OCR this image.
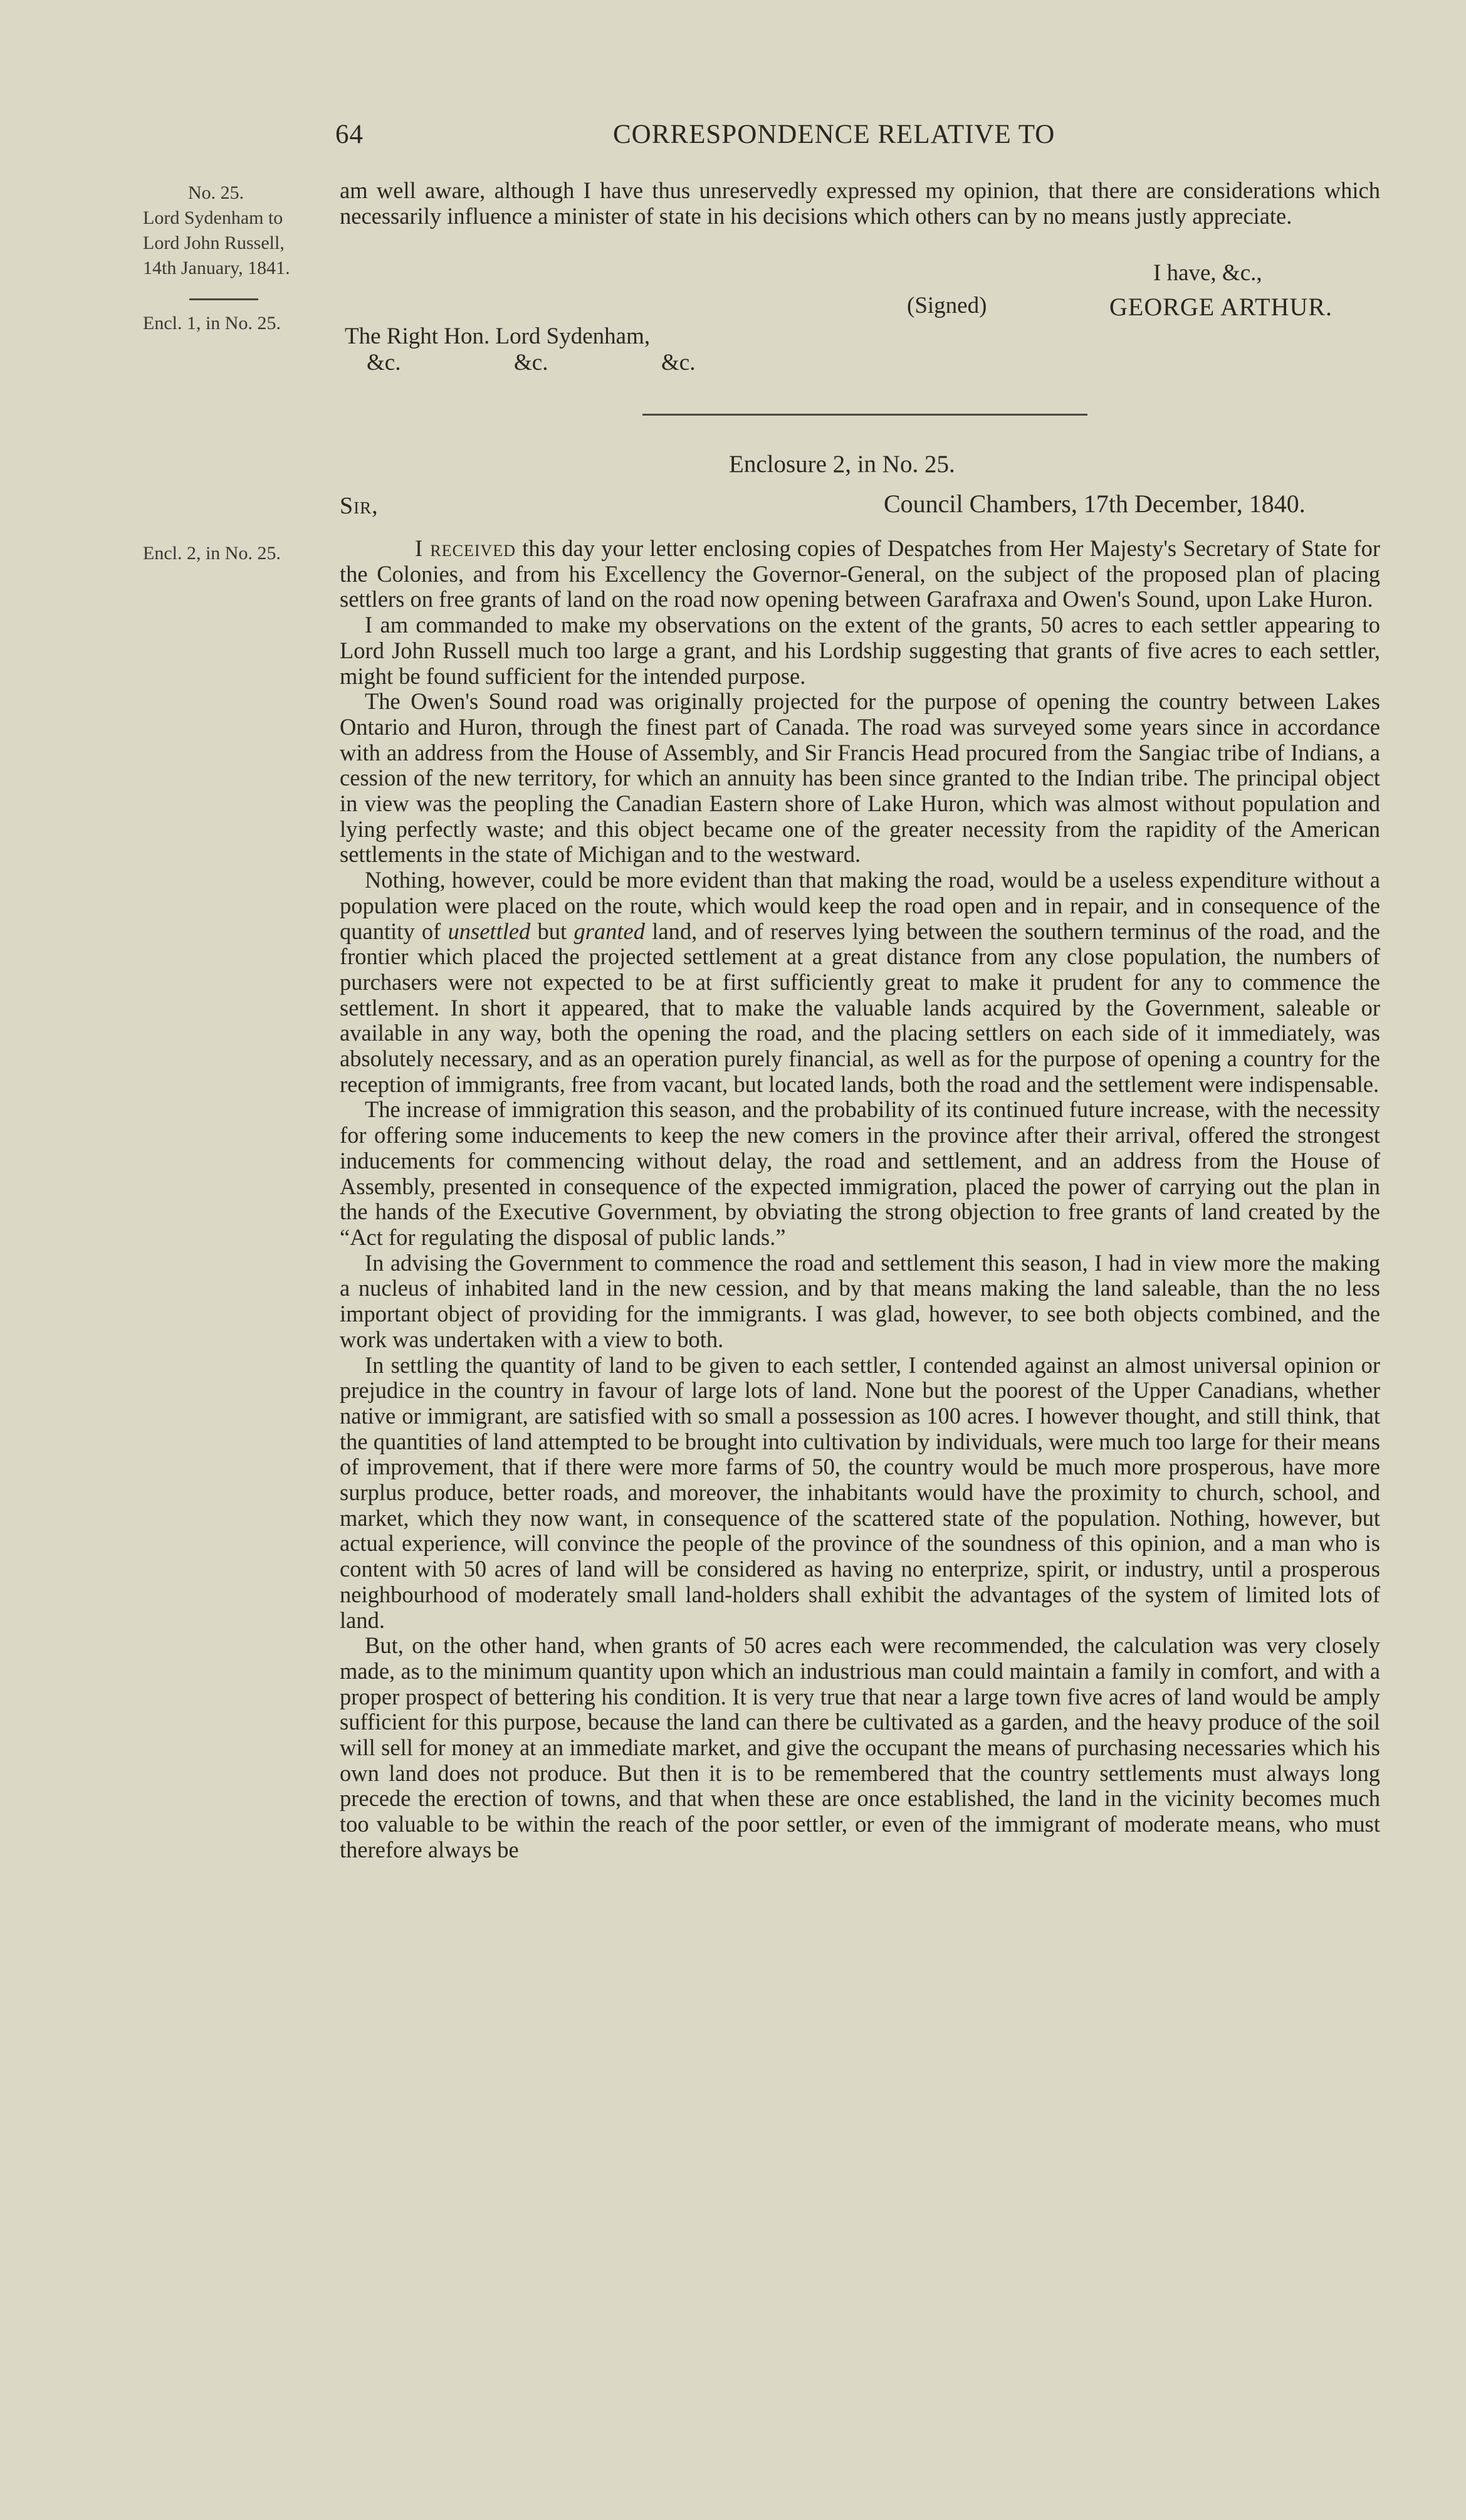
64	CORRESPONDENCE RELATIVE TO
No. 25.
Lord Sydenham to
Lord John Russell,
14th January, 1841.
Encl. 1, in No. 25.
Encl. 2, in No. 25.

am well aware, although I have thus unreservedly expressed my opinion, that there are considerations which necessarily influence a minister of state in his decisions which others can by no means justly appreciate.

I have, &c.,
(Signed)	GEORGE ARTHUR.
The Right Hon. Lord Sydenham,
&c.	&c.	&c.
Enclosure 2, in No. 25.
Sir,	Council Chambers, 17th December, 1840.

I received this day your letter enclosing copies of Despatches from Her Majesty's Secretary of State for the Colonies, and from his Excellency the Governor-General, on the subject of the proposed plan of placing settlers on free grants of land on the road now opening between Garafraxa and Owen's Sound, upon Lake Huron.

I am commanded to make my observations on the extent of the grants, 50 acres to each settler appearing to Lord John Russell much too large a grant, and his Lordship suggesting that grants of five acres to each settler, might be found sufficient for the intended purpose.

The Owen's Sound road was originally projected for the purpose of opening the country between Lakes Ontario and Huron, through the finest part of Canada. The road was surveyed some years since in accordance with an address from the House of Assembly, and Sir Francis Head procured from the Sangiac tribe of Indians, a cession of the new territory, for which an annuity has been since granted to the Indian tribe. The principal object in view was the peopling the Canadian Eastern shore of Lake Huron, which was almost without population and lying perfectly waste; and this object became one of the greater necessity from the rapidity of the American settlements in the state of Michigan and to the westward.

Nothing, however, could be more evident than that making the road, would be a useless expenditure without a population were placed on the route, which would keep the road open and in repair, and in consequence of the quantity of unsettled but granted land, and of reserves lying between the southern terminus of the road, and the frontier which placed the projected settlement at a great distance from any close population, the numbers of purchasers were not expected to be at first sufficiently great to make it prudent for any to commence the settlement. In short it appeared, that to make the valuable lands acquired by the Government, saleable or available in any way, both the opening the road, and the placing settlers on each side of it immediately, was absolutely necessary, and as an operation purely financial, as well as for the purpose of opening a country for the reception of immigrants, free from vacant, but located lands, both the road and the settlement were indispensable.

The increase of immigration this season, and the probability of its continued future increase, with the necessity for offering some inducements to keep the new comers in the province after their arrival, offered the strongest inducements for commencing without delay, the road and settlement, and an address from the House of Assembly, presented in consequence of the expected immigration, placed the power of carrying out the plan in the hands of the Executive Government, by obviating the strong objection to free grants of land created by the “Act for regulating the disposal of public lands.”

In advising the Government to commence the road and settlement this season, I had in view more the making a nucleus of inhabited land in the new cession, and by that means making the land saleable, than the no less important object of providing for the immigrants. I was glad, however, to see both objects combined, and the work was undertaken with a view to both.

In settling the quantity of land to be given to each settler, I contended against an almost universal opinion or prejudice in the country in favour of large lots of land. None but the poorest of the Upper Canadians, whether native or immigrant, are satisfied with so small a possession as 100 acres. I however thought, and still think, that the quantities of land attempted to be brought into cultivation by individuals, were much too large for their means of improvement, that if there were more farms of 50, the country would be much more prosperous, have more surplus produce, better roads, and moreover, the inhabitants would have the proximity to church, school, and market, which they now want, in consequence of the scattered state of the population. Nothing, however, but actual experience, will convince the people of the province of the soundness of this opinion, and a man who is content with 50 acres of land will be considered as having no enterprize, spirit, or industry, until a prosperous neighbourhood of moderately small land-holders shall exhibit the advantages of the system of limited lots of land.

But, on the other hand, when grants of 50 acres each were recommended, the calculation was very closely made, as to the minimum quantity upon which an industrious man could maintain a family in comfort, and with a proper prospect of bettering his condition. It is very true that near a large town five acres of land would be amply sufficient for this purpose, because the land can there be cultivated as a garden, and the heavy produce of the soil will sell for money at an immediate market, and give the occupant the means of purchasing necessaries which his own land does not produce. But then it is to be remembered that the country settlements must always long precede the erection of towns, and that when these are once established, the land in the vicinity becomes much too valuable to be within the reach of the poor settler, or even of the immigrant of moderate means, who must therefore always be
